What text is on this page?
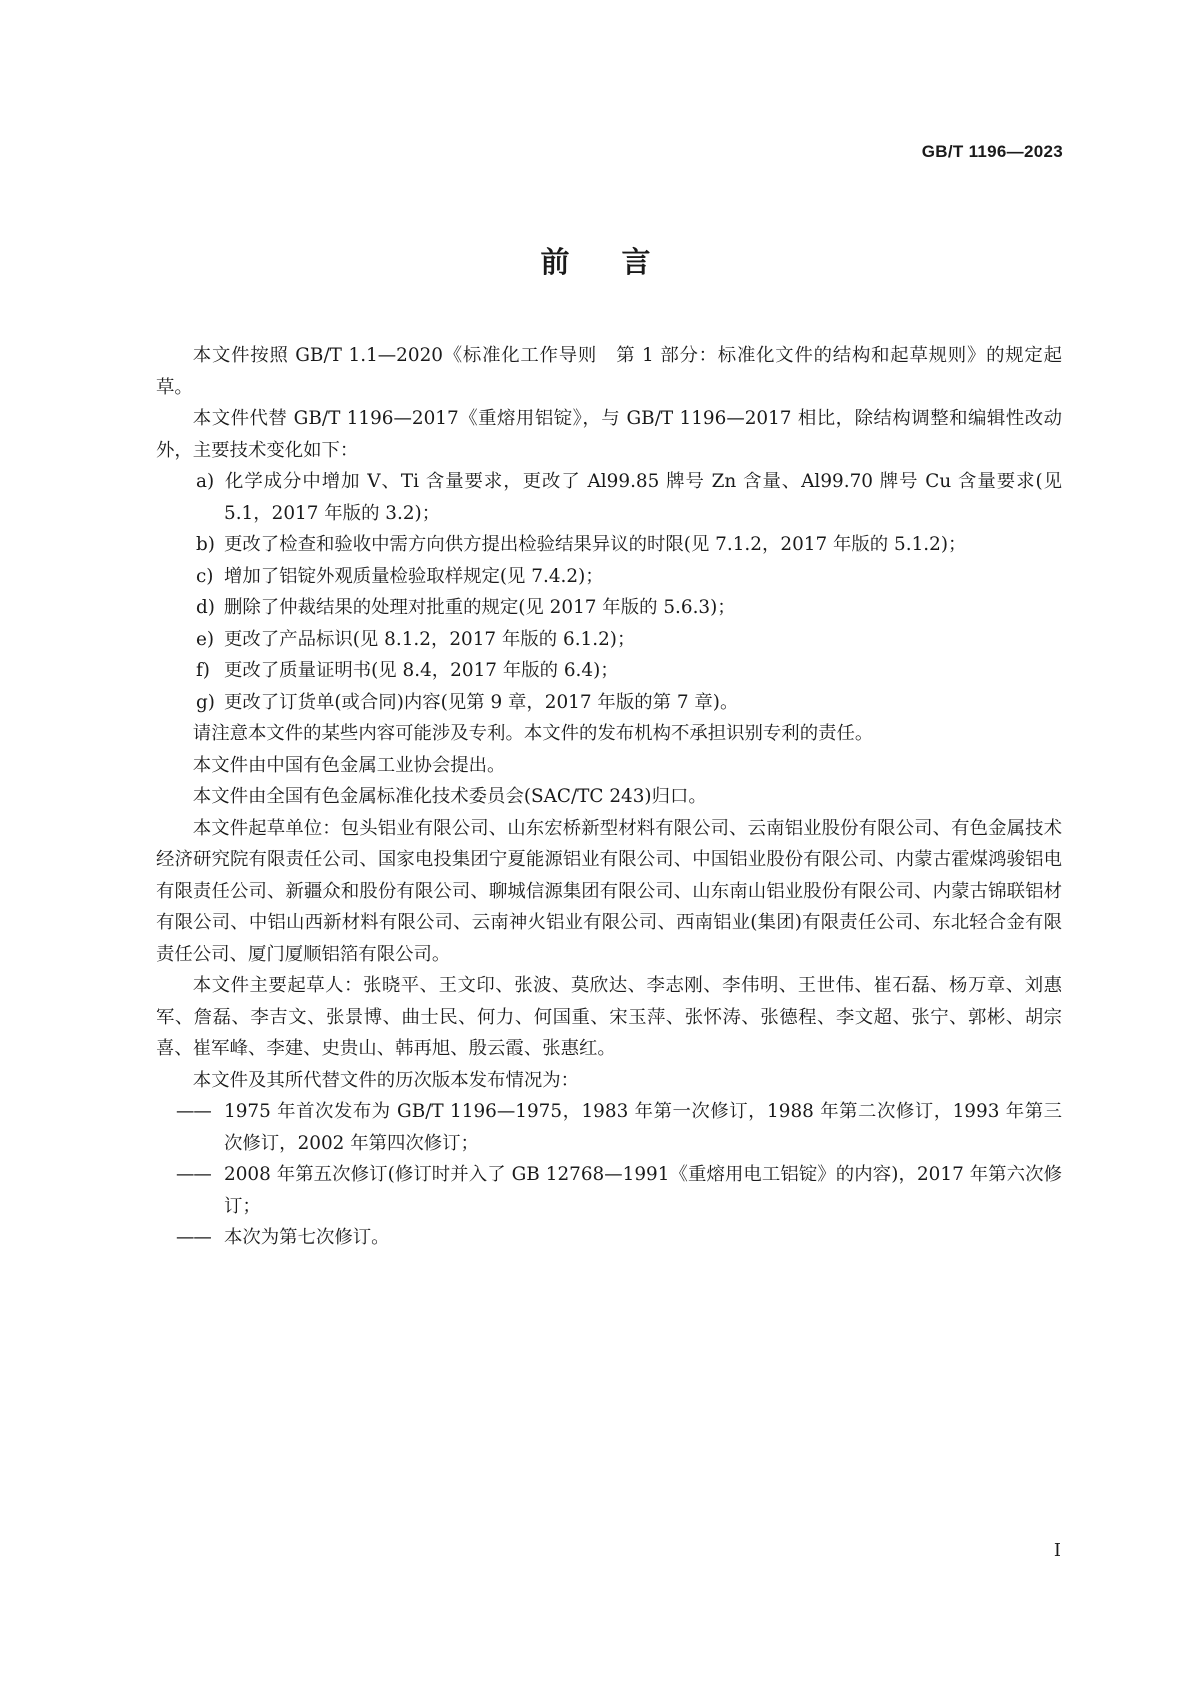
GB/T 1196—2023
前言

本文件按照 GB/T 1.1—2020《标准化工作导则　第 1 部分：标准化文件的结构和起草规则》的规定起草。

本文件代替 GB/T 1196—2017《重熔用铝锭》，与 GB/T 1196—2017 相比，除结构调整和编辑性改动外，主要技术变化如下：

a) 化学成分中增加 V、Ti 含量要求，更改了 Al99.85 牌号 Zn 含量、Al99.70 牌号 Cu 含量要求(见 5.1，2017 年版的 3.2)；

b) 更改了检查和验收中需方向供方提出检验结果异议的时限(见 7.1.2，2017 年版的 5.1.2)；

c) 增加了铝锭外观质量检验取样规定(见 7.4.2)；

d) 删除了仲裁结果的处理对批重的规定(见 2017 年版的 5.6.3)；

e) 更改了产品标识(见 8.1.2，2017 年版的 6.1.2)；

f) 更改了质量证明书(见 8.4，2017 年版的 6.4)；

g) 更改了订货单(或合同)内容(见第 9 章，2017 年版的第 7 章)。

请注意本文件的某些内容可能涉及专利。本文件的发布机构不承担识别专利的责任。

本文件由中国有色金属工业协会提出。

本文件由全国有色金属标准化技术委员会(SAC/TC 243)归口。

本文件起草单位：包头铝业有限公司、山东宏桥新型材料有限公司、云南铝业股份有限公司、有色金属技术经济研究院有限责任公司、国家电投集团宁夏能源铝业有限公司、中国铝业股份有限公司、内蒙古霍煤鸿骏铝电有限责任公司、新疆众和股份有限公司、聊城信源集团有限公司、山东南山铝业股份有限公司、内蒙古锦联铝材有限公司、中铝山西新材料有限公司、云南神火铝业有限公司、西南铝业(集团)有限责任公司、东北轻合金有限责任公司、厦门厦顺铝箔有限公司。

本文件主要起草人：张晓平、王文印、张波、莫欣达、李志刚、李伟明、王世伟、崔石磊、杨万章、刘惠军、詹磊、李吉文、张景博、曲士民、何力、何国重、宋玉萍、张怀涛、张德程、李文超、张宁、郭彬、胡宗喜、崔军峰、李建、史贵山、韩再旭、殷云霞、张惠红。

本文件及其所代替文件的历次版本发布情况为：

—— 1975 年首次发布为 GB/T 1196—1975，1983 年第一次修订，1988 年第二次修订，1993 年第三次修订，2002 年第四次修订；

—— 2008 年第五次修订(修订时并入了 GB 12768—1991《重熔用电工铝锭》的内容)，2017 年第六次修订；

—— 本次为第七次修订。

I
